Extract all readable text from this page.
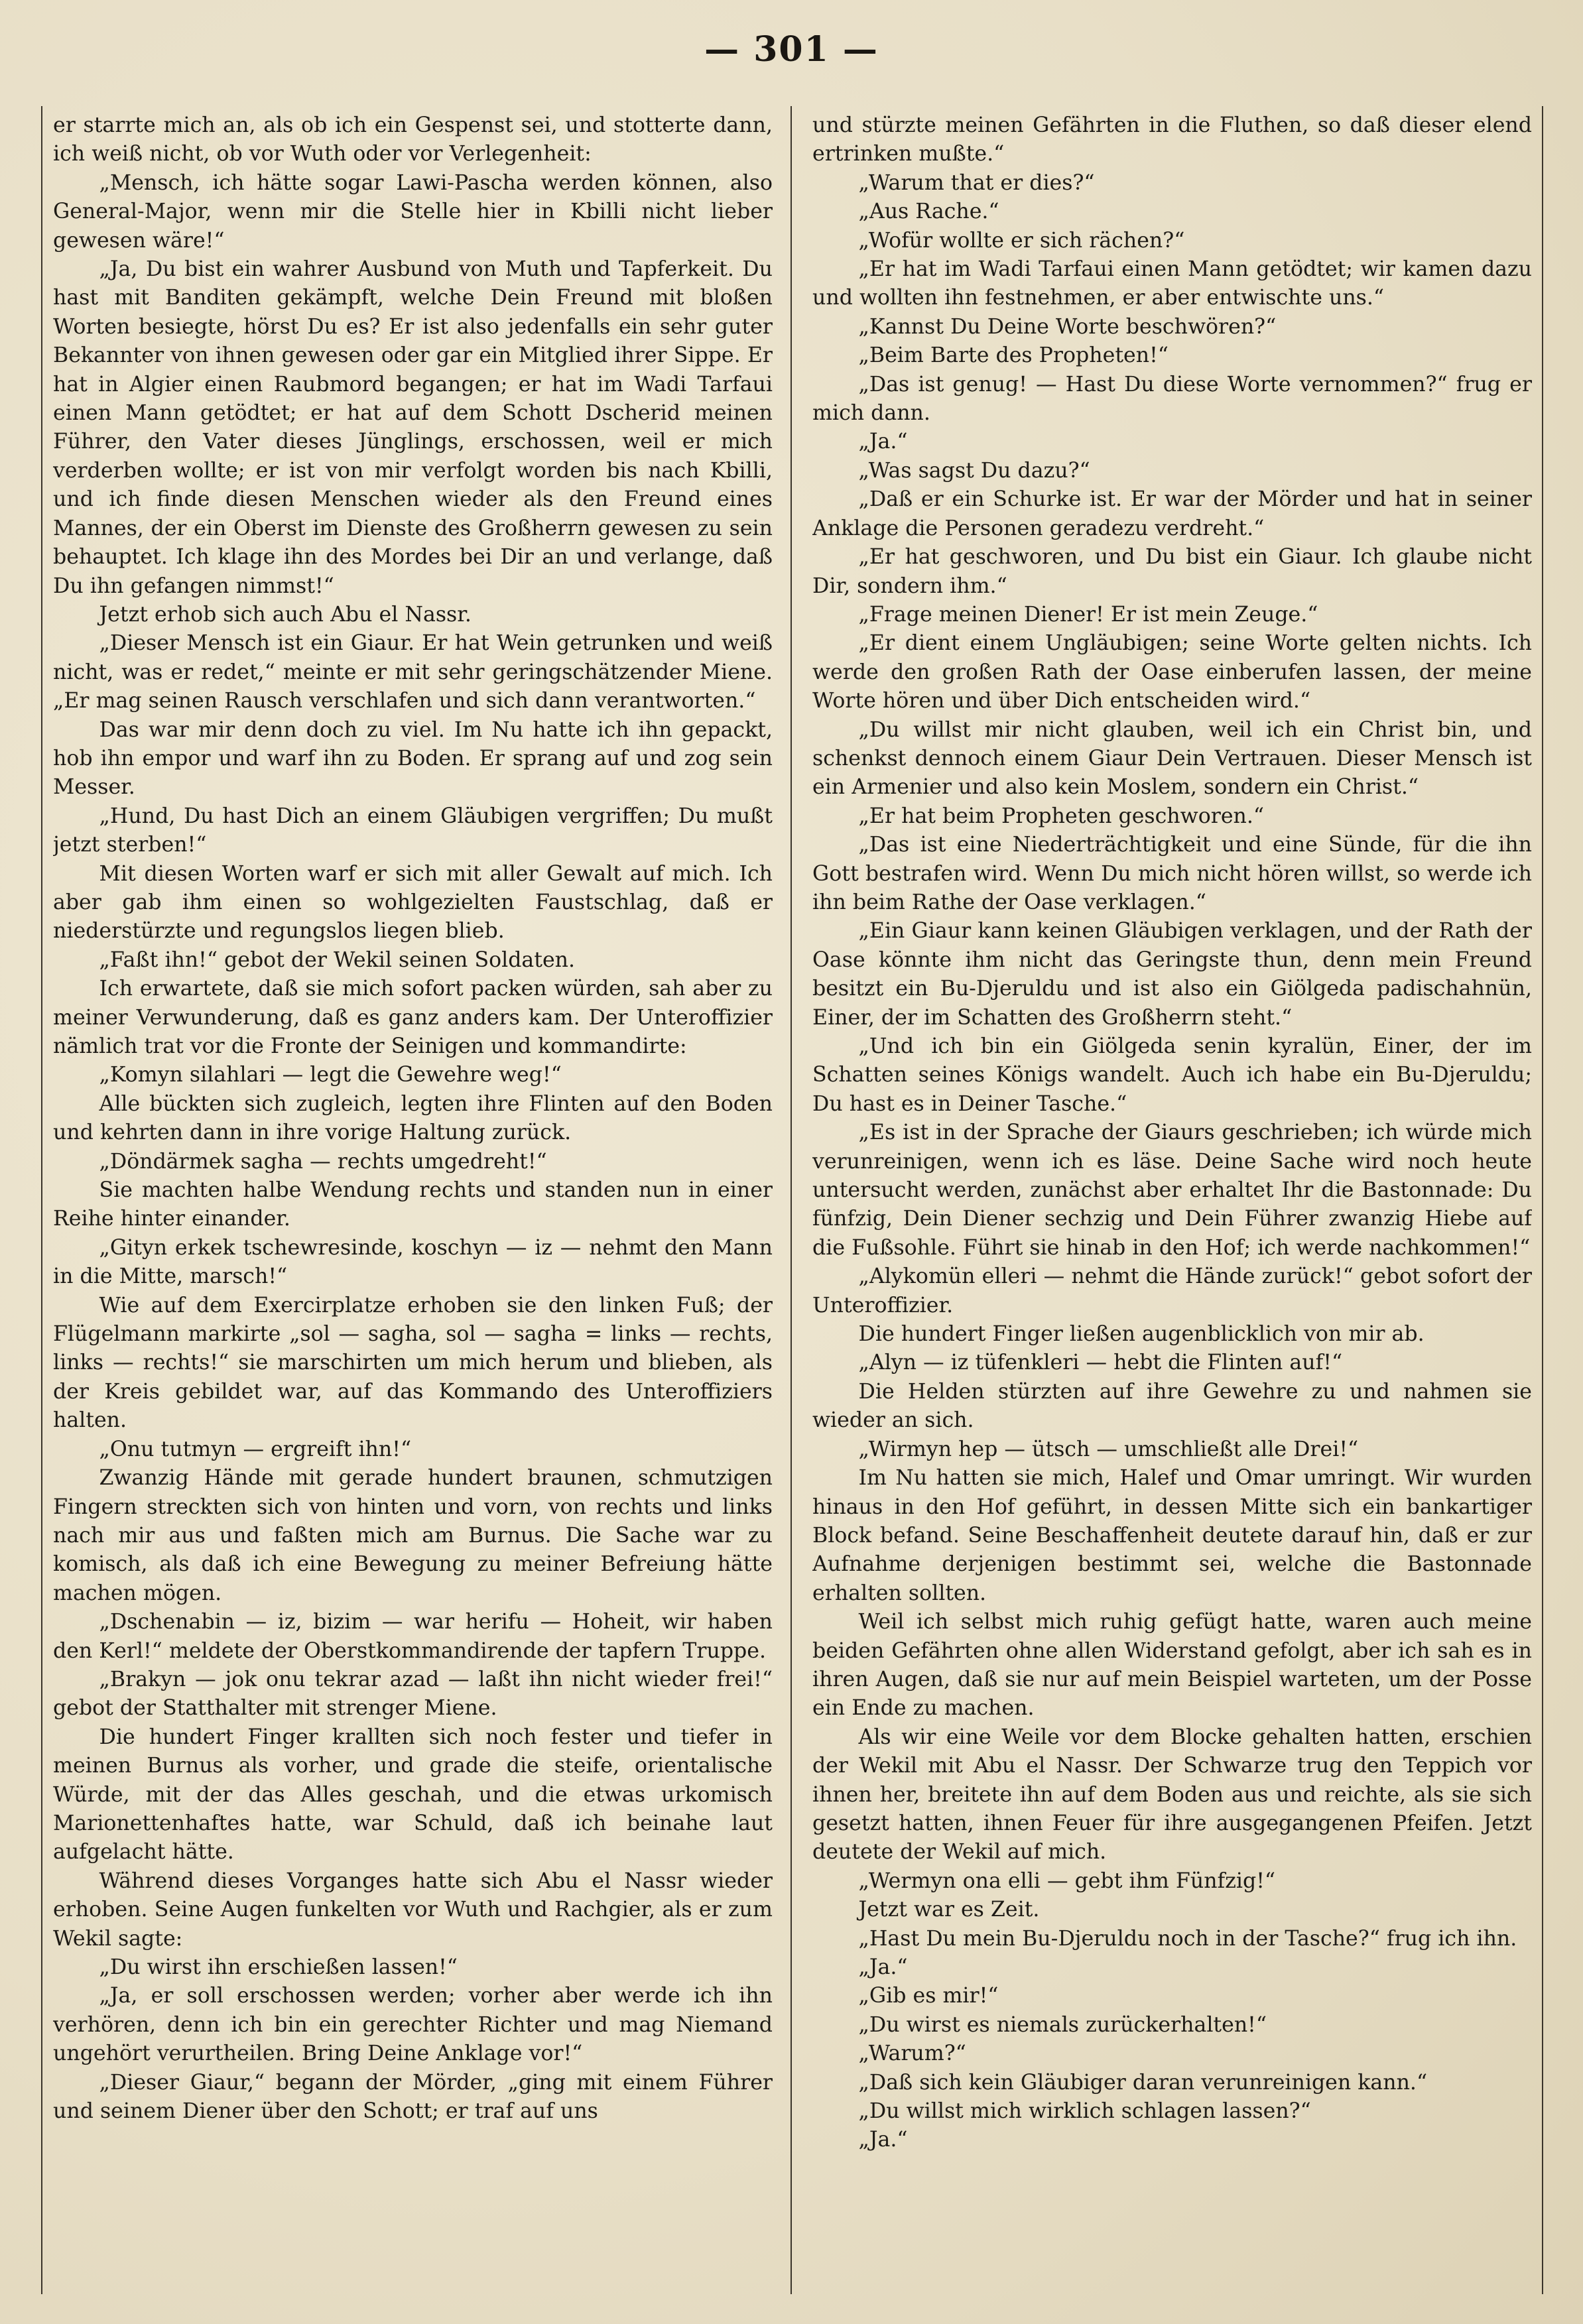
— 301 —

er starrte mich an, als ob ich ein Gespenst sei, und stotterte dann, ich weiß nicht, ob vor Wuth oder vor Verlegenheit:

„Mensch, ich hätte sogar Lawi-Pascha werden können, also General-Major, wenn mir die Stelle hier in Kbilli nicht lieber gewesen wäre!“

„Ja, Du bist ein wahrer Ausbund von Muth und Tapferkeit. Du hast mit Banditen gekämpft, welche Dein Freund mit bloßen Worten besiegte, hörst Du es? Er ist also jedenfalls ein sehr guter Bekannter von ihnen gewesen oder gar ein Mitglied ihrer Sippe. Er hat in Algier einen Raubmord begangen; er hat im Wadi Tarfaui einen Mann getödtet; er hat auf dem Schott Dscherid meinen Führer, den Vater dieses Jünglings, erschossen, weil er mich verderben wollte; er ist von mir verfolgt worden bis nach Kbilli, und ich finde diesen Menschen wieder als den Freund eines Mannes, der ein Oberst im Dienste des Großherrn gewesen zu sein behauptet. Ich klage ihn des Mordes bei Dir an und verlange, daß Du ihn gefangen nimmst!“

Jetzt erhob sich auch Abu el Nassr.

„Dieser Mensch ist ein Giaur. Er hat Wein getrunken und weiß nicht, was er redet,“ meinte er mit sehr geringschätzender Miene. „Er mag seinen Rausch verschlafen und sich dann verantworten.“

Das war mir denn doch zu viel. Im Nu hatte ich ihn gepackt, hob ihn empor und warf ihn zu Boden. Er sprang auf und zog sein Messer.

„Hund, Du hast Dich an einem Gläubigen vergriffen; Du mußt jetzt sterben!“

Mit diesen Worten warf er sich mit aller Gewalt auf mich. Ich aber gab ihm einen so wohlgezielten Faustschlag, daß er niederstürzte und regungslos liegen blieb.

„Faßt ihn!“ gebot der Wekil seinen Soldaten.

Ich erwartete, daß sie mich sofort packen würden, sah aber zu meiner Verwunderung, daß es ganz anders kam. Der Unteroffizier nämlich trat vor die Fronte der Seinigen und kommandirte:

„Komyn silahlari — legt die Gewehre weg!“

Alle bückten sich zugleich, legten ihre Flinten auf den Boden und kehrten dann in ihre vorige Haltung zurück.

„Döndärmek sagha — rechts umgedreht!“

Sie machten halbe Wendung rechts und standen nun in einer Reihe hinter einander.

„Gityn erkek tschewresinde, koschyn — iz — nehmt den Mann in die Mitte, marsch!“

Wie auf dem Exercirplatze erhoben sie den linken Fuß; der Flügelmann markirte „sol — sagha, sol — sagha = links — rechts, links — rechts!“ sie marschirten um mich herum und blieben, als der Kreis gebildet war, auf das Kommando des Unteroffiziers halten.

„Onu tutmyn — ergreift ihn!“

Zwanzig Hände mit gerade hundert braunen, schmutzigen Fingern streckten sich von hinten und vorn, von rechts und links nach mir aus und faßten mich am Burnus. Die Sache war zu komisch, als daß ich eine Bewegung zu meiner Befreiung hätte machen mögen.

„Dschenabin — iz, bizim — war herifu — Hoheit, wir haben den Kerl!“ meldete der Oberstkommandirende der tapfern Truppe.

„Brakyn — jok onu tekrar azad — laßt ihn nicht wieder frei!“ gebot der Statthalter mit strenger Miene.

Die hundert Finger krallten sich noch fester und tiefer in meinen Burnus als vorher, und grade die steife, orientalische Würde, mit der das Alles geschah, und die etwas urkomisch Marionettenhaftes hatte, war Schuld, daß ich beinahe laut aufgelacht hätte.

Während dieses Vorganges hatte sich Abu el Nassr wieder erhoben. Seine Augen funkelten vor Wuth und Rachgier, als er zum Wekil sagte:

„Du wirst ihn erschießen lassen!“

„Ja, er soll erschossen werden; vorher aber werde ich ihn verhören, denn ich bin ein gerechter Richter und mag Niemand ungehört verurtheilen. Bring Deine Anklage vor!“

„Dieser Giaur,“ begann der Mörder, „ging mit einem Führer und seinem Diener über den Schott; er traf auf uns

und stürzte meinen Gefährten in die Fluthen, so daß dieser elend ertrinken mußte.“

„Warum that er dies?“

„Aus Rache.“

„Wofür wollte er sich rächen?“

„Er hat im Wadi Tarfaui einen Mann getödtet; wir kamen dazu und wollten ihn festnehmen, er aber entwischte uns.“

„Kannst Du Deine Worte beschwören?“

„Beim Barte des Propheten!“

„Das ist genug! — Hast Du diese Worte vernommen?“ frug er mich dann.

„Ja.“

„Was sagst Du dazu?“

„Daß er ein Schurke ist. Er war der Mörder und hat in seiner Anklage die Personen geradezu verdreht.“

„Er hat geschworen, und Du bist ein Giaur. Ich glaube nicht Dir, sondern ihm.“

„Frage meinen Diener! Er ist mein Zeuge.“

„Er dient einem Ungläubigen; seine Worte gelten nichts. Ich werde den großen Rath der Oase einberufen lassen, der meine Worte hören und über Dich entscheiden wird.“

„Du willst mir nicht glauben, weil ich ein Christ bin, und schenkst dennoch einem Giaur Dein Vertrauen. Dieser Mensch ist ein Armenier und also kein Moslem, sondern ein Christ.“

„Er hat beim Propheten geschworen.“

„Das ist eine Niederträchtigkeit und eine Sünde, für die ihn Gott bestrafen wird. Wenn Du mich nicht hören willst, so werde ich ihn beim Rathe der Oase verklagen.“

„Ein Giaur kann keinen Gläubigen verklagen, und der Rath der Oase könnte ihm nicht das Geringste thun, denn mein Freund besitzt ein Bu-Djeruldu und ist also ein Giölgeda padischahnün, Einer, der im Schatten des Großherrn steht.“

„Und ich bin ein Giölgeda senin kyralün, Einer, der im Schatten seines Königs wandelt. Auch ich habe ein Bu-Djeruldu; Du hast es in Deiner Tasche.“

„Es ist in der Sprache der Giaurs geschrieben; ich würde mich verunreinigen, wenn ich es läse. Deine Sache wird noch heute untersucht werden, zunächst aber erhaltet Ihr die Bastonnade: Du fünfzig, Dein Diener sechzig und Dein Führer zwanzig Hiebe auf die Fußsohle. Führt sie hinab in den Hof; ich werde nachkommen!“

„Alykomün elleri — nehmt die Hände zurück!“ gebot sofort der Unteroffizier.

Die hundert Finger ließen augenblicklich von mir ab.

„Alyn — iz tüfenkleri — hebt die Flinten auf!“

Die Helden stürzten auf ihre Gewehre zu und nahmen sie wieder an sich.

„Wirmyn hep — ütsch — umschließt alle Drei!“

Im Nu hatten sie mich, Halef und Omar umringt. Wir wurden hinaus in den Hof geführt, in dessen Mitte sich ein bankartiger Block befand. Seine Beschaffenheit deutete darauf hin, daß er zur Aufnahme derjenigen bestimmt sei, welche die Bastonnade erhalten sollten.

Weil ich selbst mich ruhig gefügt hatte, waren auch meine beiden Gefährten ohne allen Widerstand gefolgt, aber ich sah es in ihren Augen, daß sie nur auf mein Beispiel warteten, um der Posse ein Ende zu machen.

Als wir eine Weile vor dem Blocke gehalten hatten, erschien der Wekil mit Abu el Nassr. Der Schwarze trug den Teppich vor ihnen her, breitete ihn auf dem Boden aus und reichte, als sie sich gesetzt hatten, ihnen Feuer für ihre ausgegangenen Pfeifen. Jetzt deutete der Wekil auf mich.

„Wermyn ona elli — gebt ihm Fünfzig!“

Jetzt war es Zeit.

„Hast Du mein Bu-Djeruldu noch in der Tasche?“ frug ich ihn.

„Ja.“

„Gib es mir!“

„Du wirst es niemals zurückerhalten!“

„Warum?“

„Daß sich kein Gläubiger daran verunreinigen kann.“

„Du willst mich wirklich schlagen lassen?“

„Ja.“
